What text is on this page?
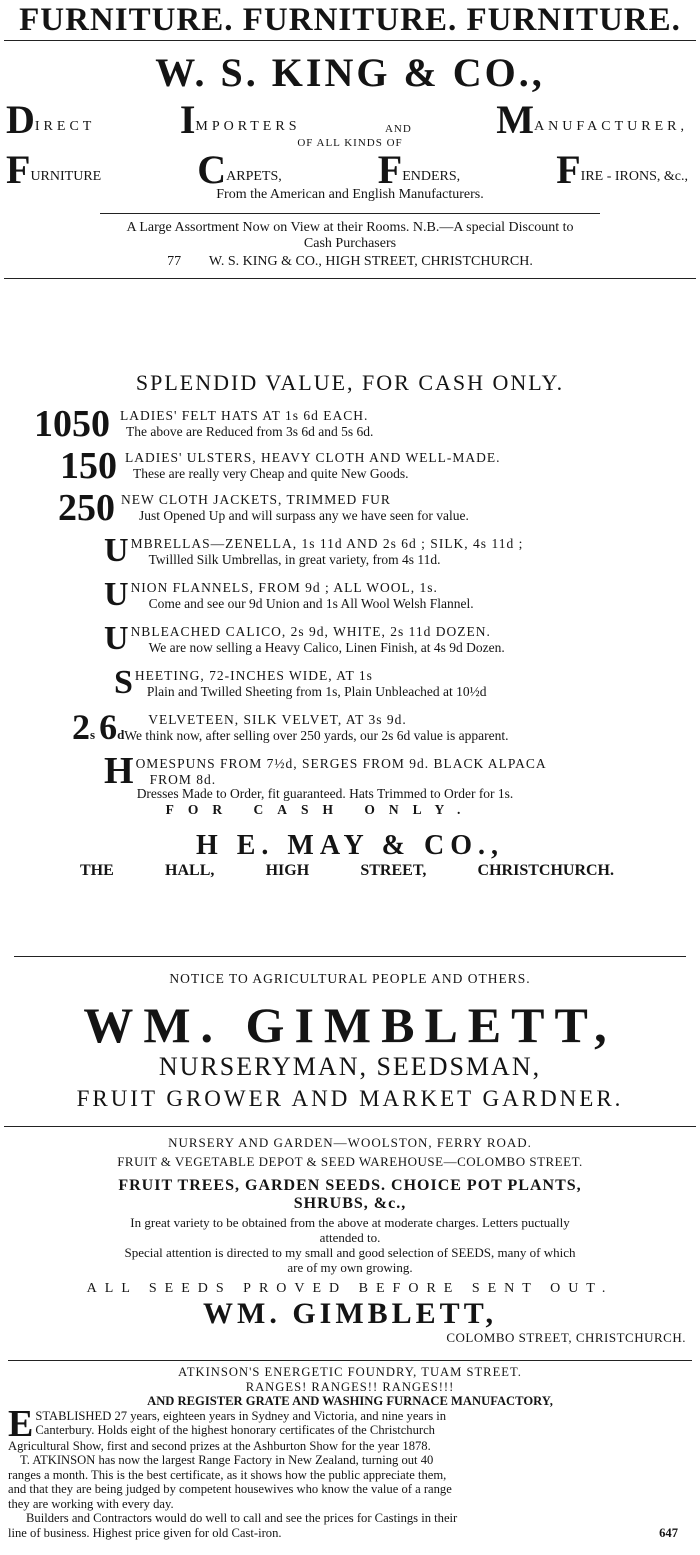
FURNITURE. FURNITURE. FURNITURE.
W. S. KING & CO.,
DIRECT IMPORTERS	AND MANUFACTURER,
OF ALL KINDS OF
FURNITURE CARPETS, FENDERS, FIRE - IRONS, &c.,
From the American and English Manufacturers.
A Large Assortment Now on View at their Rooms. N.B.—A special Discount to
Cash Purchasers
77 W. S. KING & CO., HIGH STREET, CHRISTCHURCH.
SPLENDID VALUE, FOR CASH ONLY.
1050 LADIES' FELT HATS AT 1s 6d EACH.
The above are Reduced from 3s 6d and 5s 6d.
150 LADIES' ULSTERS, HEAVY CLOTH AND WELL-MADE.
These are really very Cheap and quite New Goods.
250 NEW CLOTH JACKETS, TRIMMED FUR
Just Opened Up and will surpass any we have seen for value.
U MBRELLAS—ZENELLA, 1s 11d AND 2s 6d ; SILK, 4s 11d ;
Twillled Silk Umbrellas, in great variety, from 4s 11d.
U NION FLANNELS, FROM 9d ; ALL WOOL, 1s.
Come and see our 9d Union and 1s All Wool Welsh Flannel.
U NBLEACHED CALICO, 2s 9d, WHITE, 2s 11d DOZEN.
We are now selling a Heavy Calico, Linen Finish, at 4s 9d Dozen.
S HEETING, 72-INCHES WIDE, AT 1s
Plain and Twilled Sheeting from 1s, Plain Unbleached at 10½d
2s 6d
VELVETEEN, SILK VELVET, AT 3s 9d.
We think now, after selling over 250 yards, our 2s 6d value is apparent.
H OMESPUNS FROM 7½d, SERGES FROM 9d. BLACK ALPACA
FROM 8d.
Dresses Made to Order, fit guaranteed. Hats Trimmed to Order for 1s.
FOR CASH ONLY.
H E. MAY & CO.,
THE	HALL,	HIGH	STREET,	CHRISTCHURCH.
NOTICE TO AGRICULTURAL PEOPLE AND OTHERS.
WM. GIMBLETT,
NURSERYMAN, SEEDSMAN,
FRUIT GROWER AND MARKET GARDNER.
NURSERY AND GARDEN—WOOLSTON, FERRY ROAD.
FRUIT & VEGETABLE DEPOT & SEED WAREHOUSE—COLOMBO STREET.
FRUIT TREES, GARDEN SEEDS. CHOICE POT PLANTS,
SHRUBS, &c.,
In great variety to be obtained from the above at moderate charges. Letters puctually
attended to.
Special attention is directed to my small and good selection of SEEDS, many of which
are of my own growing.
ALL SEEDS PROVED BEFORE SENT OUT.
WM. GIMBLETT,
COLOMBO STREET, CHRISTCHURCH.
ATKINSON'S ENERGETIC FOUNDRY, TUAM STREET.
RANGES! RANGES!! RANGES!!!
AND REGISTER GRATE AND WASHING FURNACE MANUFACTORY,
E STABLISHED 27 years, eighteen years in Sydney and Victoria, and nine years in
Canterbury. Holds eight of the highest honorary certificates of the Christchurch
Agricultural Show, first and second prizes at the Ashburton Show for the year 1878.
T. ATKINSON has now the largest Range Factory in New Zealand, turning out 40
ranges a month. This is the best certificate, as it shows how the public appreciate them,
and that they are being judged by competent housewives who know the value of a range
they are working with every day.
Builders and Contractors would do well to call and see the prices for Castings in their
line of business. Highest price given for old Cast-iron.	647
